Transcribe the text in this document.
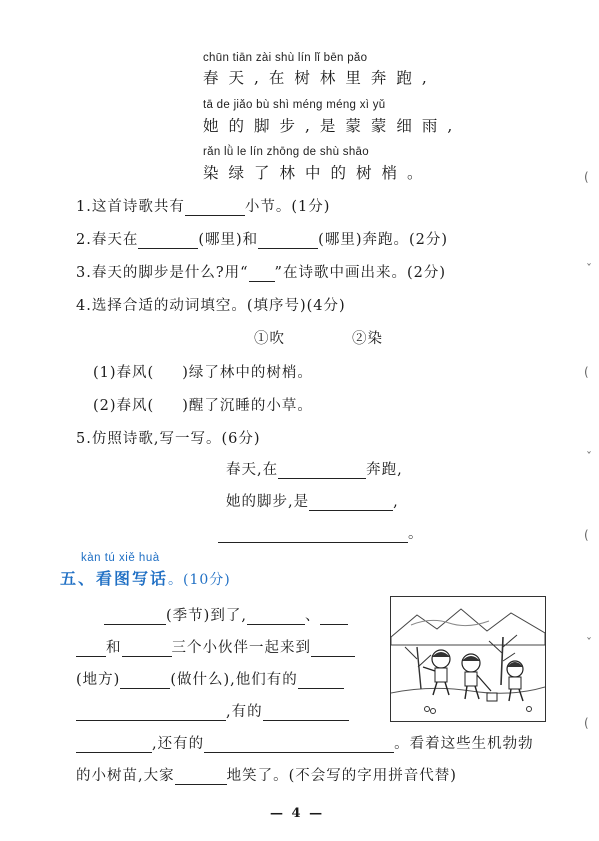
chūn tiān zài shù lín lǐ bēn pǎo
春天,在树林里奔跑,
tā de jiǎo bù shì méng méng xì yǔ
她的脚步,是蒙蒙细雨,
rǎn lǜ le lín zhōng de shù shāo
染绿了林中的树梢。
1.这首诗歌共有	小节。(1分)
2.春天在	(哪里)和	(哪里)奔跑。(2分)
3.春天的脚步是什么?用“ ”在诗歌中画出来。(2分)
4.选择合适的动词填空。(填序号)(4分)
①吹	②染
(1)春风( )绿了林中的树梢。
(2)春风( )醒了沉睡的小草。
5.仿照诗歌,写一写。(6分)
春天,在	奔跑,
她的脚步,是	,
。
kàn tú xiě huà
五、看图写话。(10分)
(季节)到了,	、
和	三个小伙伴一起来到
(地方)	(做什么),他们有的
,有的
,还有的	。看着这些生机勃勃
的小树苗,大家	地笑了。(不会写的字用拼音代替)
(
ˇ
(
ˇ
(
ˇ
(
— 4 —
